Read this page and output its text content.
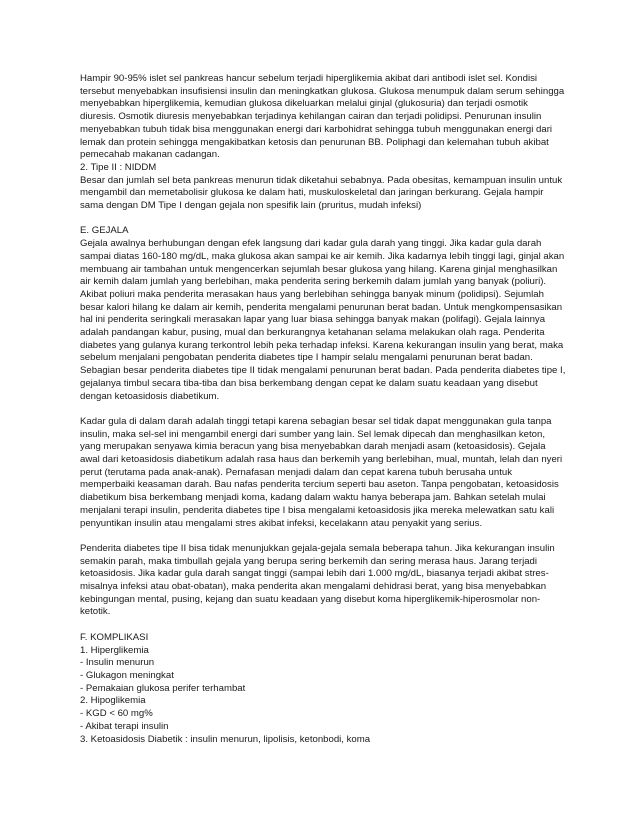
Hampir 90-95% islet sel pankreas hancur sebelum terjadi hiperglikemia akibat dari antibodi islet sel. Kondisi tersebut menyebabkan insufisiensi insulin dan meningkatkan glukosa. Glukosa menumpuk dalam serum sehingga menyebabkan hiperglikemia, kemudian glukosa dikeluarkan melalui ginjal (glukosuria) dan terjadi osmotik diuresis. Osmotik diuresis menyebabkan terjadinya kehilangan cairan dan terjadi polidipsi. Penurunan insulin menyebabkan tubuh tidak bisa menggunakan energi dari karbohidrat sehingga tubuh menggunakan energi dari lemak dan protein sehingga mengakibatkan ketosis dan penurunan BB. Poliphagi dan kelemahan tubuh akibat pemecahab makanan cadangan.

2. Tipe II : NIDDM

Besar dan jumlah sel beta pankreas menurun tidak diketahui sebabnya. Pada obesitas, kemampuan insulin untuk mengambil dan memetabolisir glukosa ke dalam hati, muskuloskeletal dan jaringan berkurang. Gejala hampir sama dengan DM Tipe I dengan gejala non spesifik lain (pruritus, mudah infeksi)

E. GEJALA

Gejala awalnya berhubungan dengan efek langsung dari kadar gula darah yang tinggi. Jika kadar gula darah sampai diatas 160-180 mg/dL, maka glukosa akan sampai ke air kemih. Jika kadarnya lebih tinggi lagi, ginjal akan membuang air tambahan untuk mengencerkan sejumlah besar glukosa yang hilang. Karena ginjal menghasilkan air kemih dalam jumlah yang berlebihan, maka penderita sering berkemih dalam jumlah yang banyak (poliuri). Akibat poliuri maka penderita merasakan haus yang berlebihan sehingga banyak minum (polidipsi). Sejumlah besar kalori hilang ke dalam air kemih, penderita mengalami penurunan berat badan. Untuk mengkompensasikan hal ini penderita seringkali merasakan lapar yang luar biasa sehingga banyak makan (polifagi). Gejala lainnya adalah pandangan kabur, pusing, mual dan berkurangnya ketahanan selama melakukan olah raga. Penderita diabetes yang gulanya kurang terkontrol lebih peka terhadap infeksi. Karena kekurangan insulin yang berat, maka sebelum menjalani pengobatan penderita diabetes tipe I hampir selalu mengalami penurunan berat badan. Sebagian besar penderita diabetes tipe II tidak mengalami penurunan berat badan. Pada penderita diabetes tipe I, gejalanya timbul secara tiba-tiba dan bisa berkembang dengan cepat ke dalam suatu keadaan yang disebut dengan ketoasidosis diabetikum.

Kadar gula di dalam darah adalah tinggi tetapi karena sebagian besar sel tidak dapat menggunakan gula tanpa insulin, maka sel-sel ini mengambil energi dari sumber yang lain. Sel lemak dipecah dan menghasilkan keton, yang merupakan senyawa kimia beracun yang bisa menyebabkan darah menjadi asam (ketoasidosis). Gejala awal dari ketoasidosis diabetikum adalah rasa haus dan berkemih yang berlebihan, mual, muntah, lelah dan nyeri perut (terutama pada anak-anak). Pernafasan menjadi dalam dan cepat karena tubuh berusaha untuk memperbaiki keasaman darah. Bau nafas penderita tercium seperti bau aseton. Tanpa pengobatan, ketoasidosis diabetikum bisa berkembang menjadi koma, kadang dalam waktu hanya beberapa jam. Bahkan setelah mulai menjalani terapi insulin, penderita diabetes tipe I bisa mengalami ketoasidosis jika mereka melewatkan satu kali penyuntikan insulin atau mengalami stres akibat infeksi, kecelakann atau penyakit yang serius.

Penderita diabetes tipe II bisa tidak menunjukkan gejala-gejala semala beberapa tahun. Jika kekurangan insulin semakin parah, maka timbullah gejala yang berupa sering berkemih dan sering merasa haus. Jarang terjadi ketoasidosis. Jika kadar gula darah sangat tinggi (sampai lebih dari 1.000 mg/dL, biasanya terjadi akibat stres-misalnya infeksi atau obat-obatan), maka penderita akan mengalami dehidrasi berat, yang bisa menyebabkan kebingungan mental, pusing, kejang dan suatu keadaan yang disebut koma hiperglikemik-hiperosmolar non-ketotik.

F. KOMPLIKASI
1. Hiperglikemia
- Insulin menurun
- Glukagon meningkat
- Pemakaian glukosa perifer terhambat
2. Hipoglikemia
- KGD < 60 mg%
- Akibat terapi insulin
3. Ketoasidosis Diabetik : insulin menurun, lipolisis, ketonbodi, koma
